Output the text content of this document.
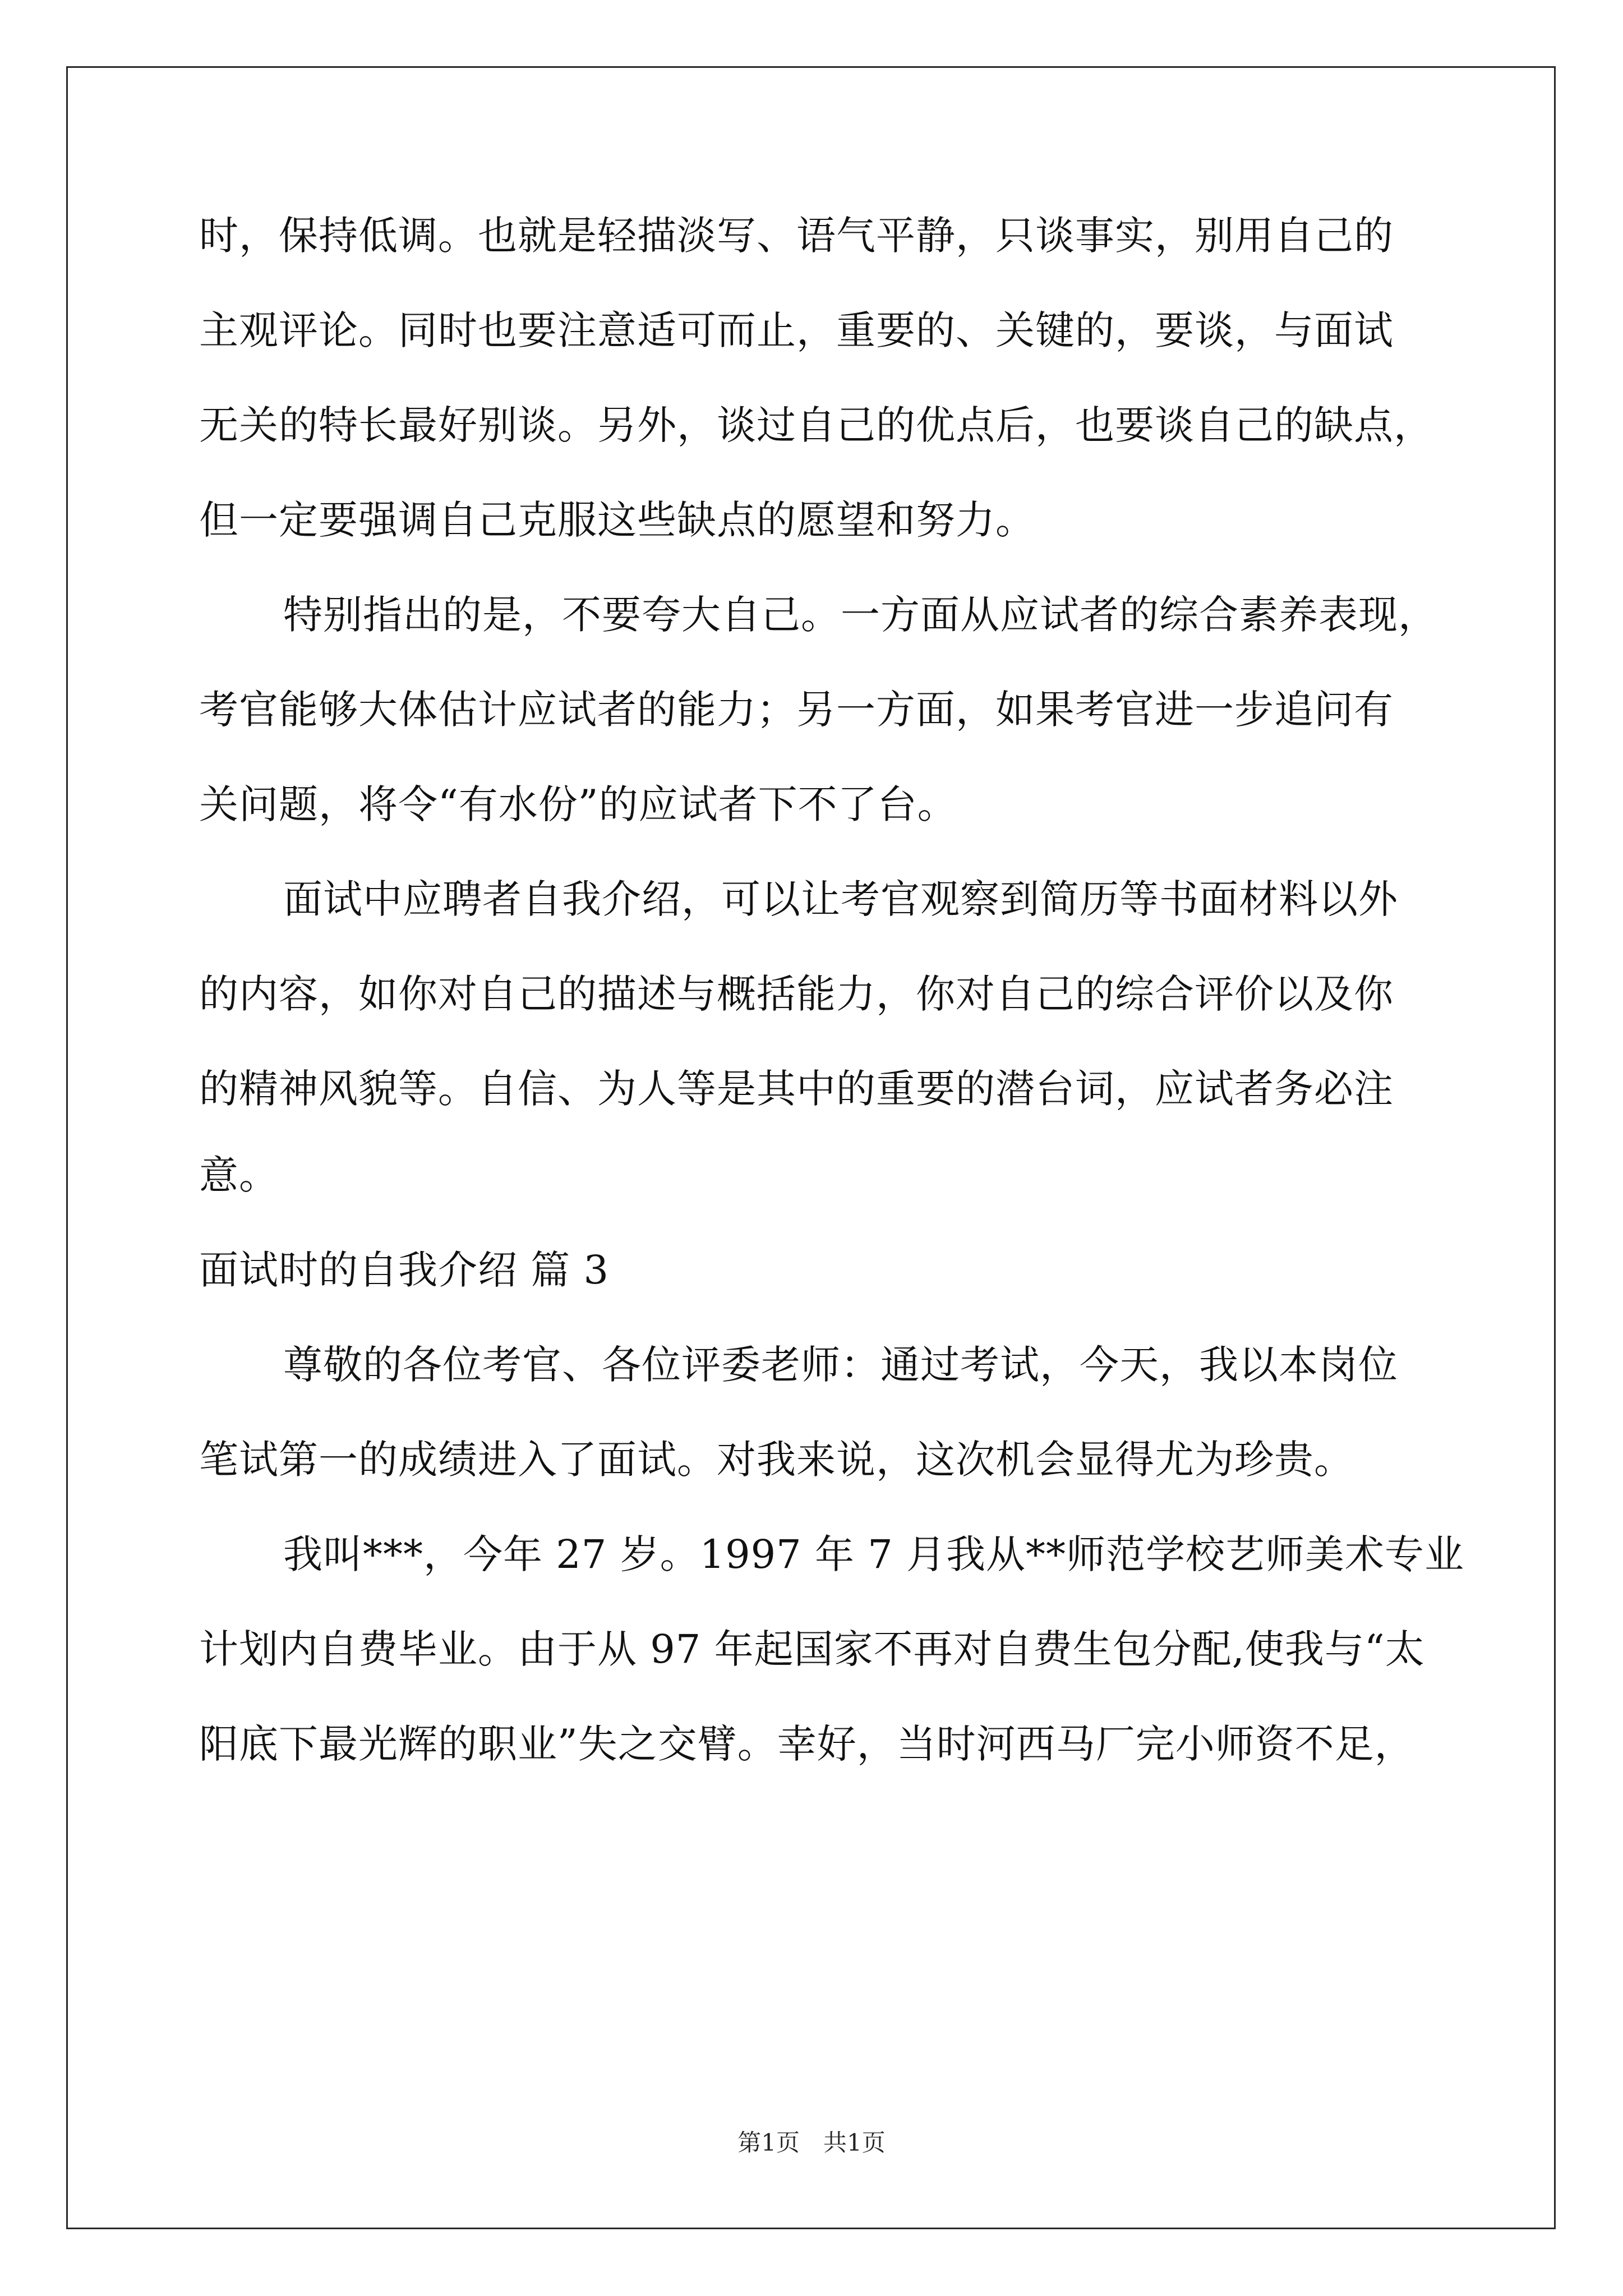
时，保持低调。也就是轻描淡写、语气平静，只谈事实，别用自己的
主观评论。同时也要注意适可而止，重要的、关键的，要谈，与面试
无关的特长最好别谈。另外，谈过自己的优点后，也要谈自己的缺点，
但一定要强调自己克服这些缺点的愿望和努力。
特别指出的是，不要夸大自己。一方面从应试者的综合素养表现，
考官能够大体估计应试者的能力；另一方面，如果考官进一步追问有
关问题，将令“有水份”的应试者下不了台。
面试中应聘者自我介绍，可以让考官观察到简历等书面材料以外
的内容，如你对自己的描述与概括能力，你对自己的综合评价以及你
的精神风貌等。自信、为人等是其中的重要的潜台词，应试者务必注
意。
面试时的自我介绍 篇 3
尊敬的各位考官、各位评委老师：通过考试，今天，我以本岗位
笔试第一的成绩进入了面试。对我来说，这次机会显得尤为珍贵。
我叫***，今年 27 岁。1997 年 7 月我从**师范学校艺师美术专业
计划内自费毕业。由于从 97 年起国家不再对自费生包分配,使我与“太
阳底下最光辉的职业”失之交臂。幸好，当时河西马厂完小师资不足，
第1页　共1页
